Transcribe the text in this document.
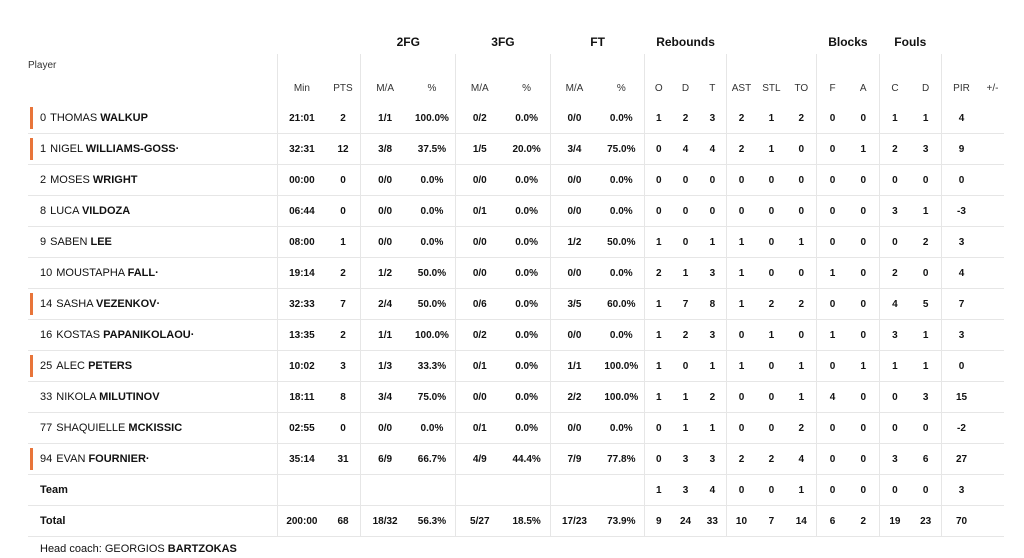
			2FG		3FG		FT		Rebounds						Blocks		Fouls			
Player	Min	PTS	M/A	%	M/A	%	M/A	%	O	D	T	AST	STL	TO	F	A	C	D	PIR	+/-
0 THOMAS WALKUP	21:01	2	1/1	100.0%	0/2	0.0%	0/0	0.0%	1	2	3	2	1	2	0	0	1	1	4	
1 NIGEL WILLIAMS-GOSS·	32:31	12	3/8	37.5%	1/5	20.0%	3/4	75.0%	0	4	4	2	1	0	0	1	2	3	9	
2 MOSES WRIGHT	00:00	0	0/0	0.0%	0/0	0.0%	0/0	0.0%	0	0	0	0	0	0	0	0	0	0	0	
8 LUCA VILDOZA	06:44	0	0/0	0.0%	0/1	0.0%	0/0	0.0%	0	0	0	0	0	0	0	0	3	1	-3	
9 SABEN LEE	08:00	1	0/0	0.0%	0/0	0.0%	1/2	50.0%	1	0	1	1	0	1	0	0	0	2	3	
10 MOUSTAPHA FALL·	19:14	2	1/2	50.0%	0/0	0.0%	0/0	0.0%	2	1	3	1	0	0	1	0	2	0	4	
14 SASHA VEZENKOV·	32:33	7	2/4	50.0%	0/6	0.0%	3/5	60.0%	1	7	8	1	2	2	0	0	4	5	7	
16 KOSTAS PAPANIKOLAOU·	13:35	2	1/1	100.0%	0/2	0.0%	0/0	0.0%	1	2	3	0	1	0	1	0	3	1	3	
25 ALEC PETERS	10:02	3	1/3	33.3%	0/1	0.0%	1/1	100.0%	1	0	1	1	0	1	0	1	1	1	0	
33 NIKOLA MILUTINOV	18:11	8	3/4	75.0%	0/0	0.0%	2/2	100.0%	1	1	2	0	0	1	4	0	0	3	15	
77 SHAQUIELLE MCKISSIC	02:55	0	0/0	0.0%	0/1	0.0%	0/0	0.0%	0	1	1	0	0	2	0	0	0	0	-2	
94 EVAN FOURNIER·	35:14	31	6/9	66.7%	4/9	44.4%	7/9	77.8%	0	3	3	2	2	4	0	0	3	6	27	
Team									1	3	4	0	0	1	0	0	0	0	3	
Total	200:00	68	18/32	56.3%	5/27	18.5%	17/23	73.9%	9	24	33	10	7	14	6	2	19	23	70	
Head coach: GEORGIOS BARTZOKAS
